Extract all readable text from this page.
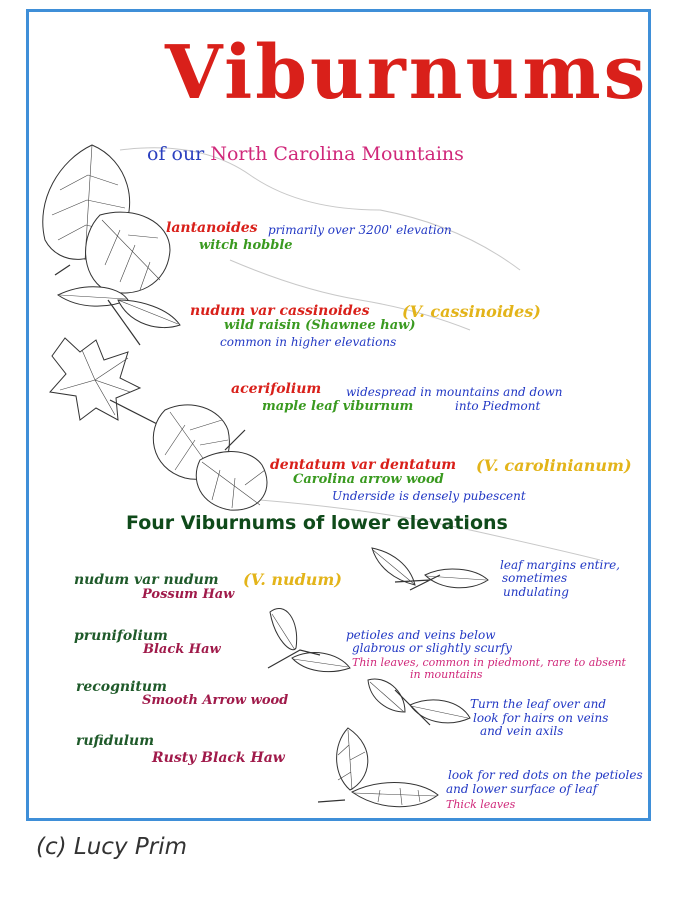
Viburnums
of our North Carolina Mountains
lantanoides primarily over 3200' elevation
witch hobble
nudum var cassinoides (V. cassinoides)
wild raisin (Shawnee haw)
common in higher elevations
acerifolium widespread in mountains and down
maple leaf viburnum	into Piedmont
dentatum var dentatum (V. carolinianum)
Carolina arrow wood
Underside is densely pubescent
Four Viburnums of lower elevations
nudum var nudum (V. nudum)
Possum Haw
leaf margins entire,
sometimes
undulating
prunifolium
Black Haw
petioles and veins below
glabrous or slightly scurfy
Thin leaves, common in piedmont, rare to absent
in mountains
recognitum
Smooth Arrow wood	Turn the leaf over and
look for hairs on veins
and vein axils
rufidulum
Rusty Black Haw
look for red dots on the petioles
and lower surface of leaf
Thick leaves
(c) Lucy Prim
